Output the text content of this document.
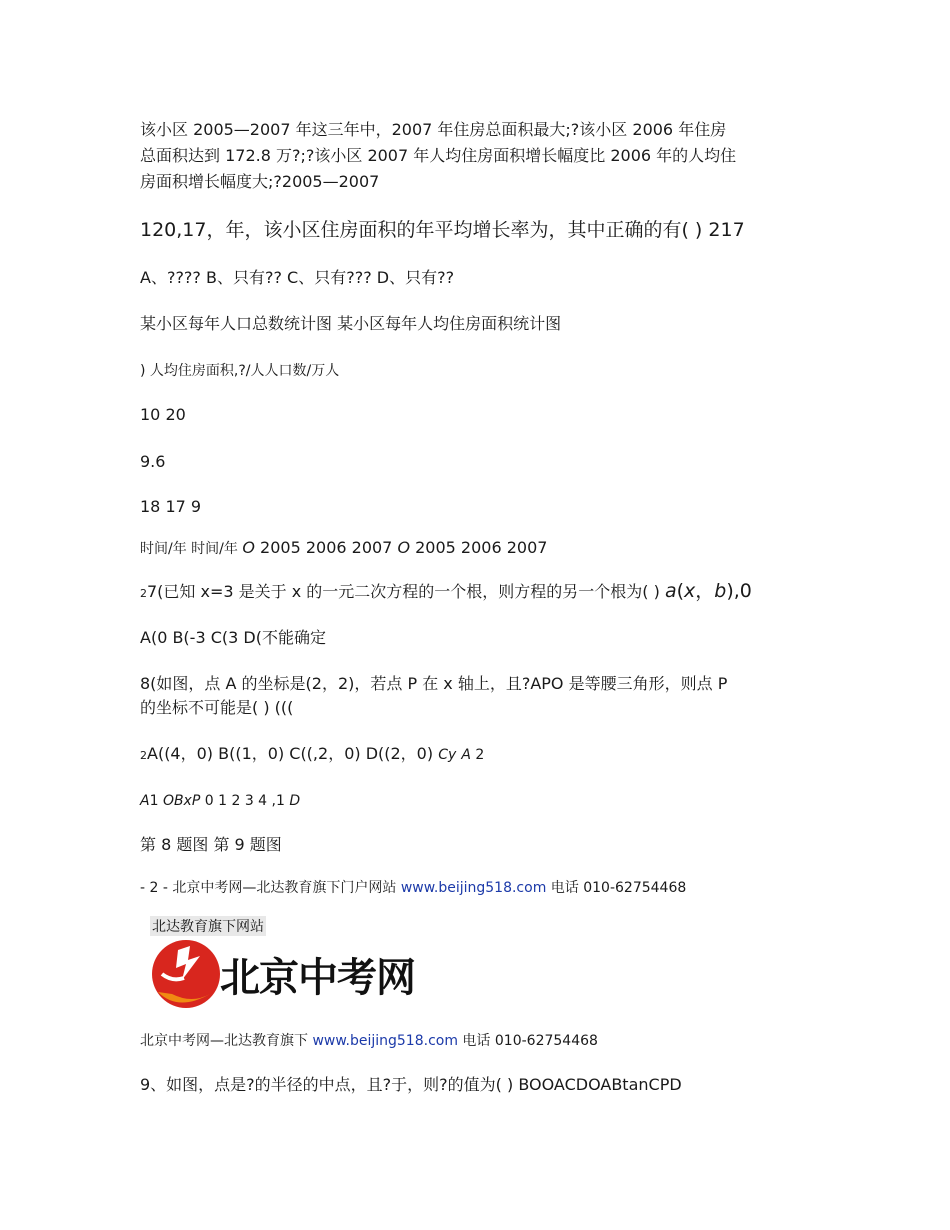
该小区 2005—2007 年这三年中，2007 年住房总面积最大;?该小区 2006 年住房
总面积达到 172.8 万?;?该小区 2007 年人均住房面积增长幅度比 2006 年的人均住
房面积增长幅度大;?2005—2007
120,17，年，该小区住房面积的年平均增长率为，其中正确的有( ) 217
A、???? B、只有?? C、只有??? D、只有??
某小区每年人口总数统计图 某小区每年人均住房面积统计图
) 人均住房面积,?/人人口数/万人
10 20
9.6
18 17 9
时间/年 时间/年 O 2005 2006 2007 O 2005 2006 2007
27(已知 x=3 是关于 x 的一元二次方程的一个根，则方程的另一个根为( ) a(x，b),0
A(0 B(-3 C(3 D(不能确定
8(如图，点 A 的坐标是(2，2)，若点 P 在 x 轴上，且?APO 是等腰三角形，则点 P
的坐标不可能是( ) (((
2A((4，0) B((1，0) C((,2，0) D((2，0) Cy A 2
A1 OBxP 0 1 2 3 4 ,1 D
第 8 题图 第 9 题图
- 2 - 北京中考网—北达教育旗下门户网站 www.beijing518.com 电话 010-62754468
北达教育旗下网站
北京中考网
北京中考网—北达教育旗下 www.beijing518.com 电话 010-62754468
9、如图，点是?的半径的中点，且?于，则?的值为( ) BOOACDOABtanCPD
